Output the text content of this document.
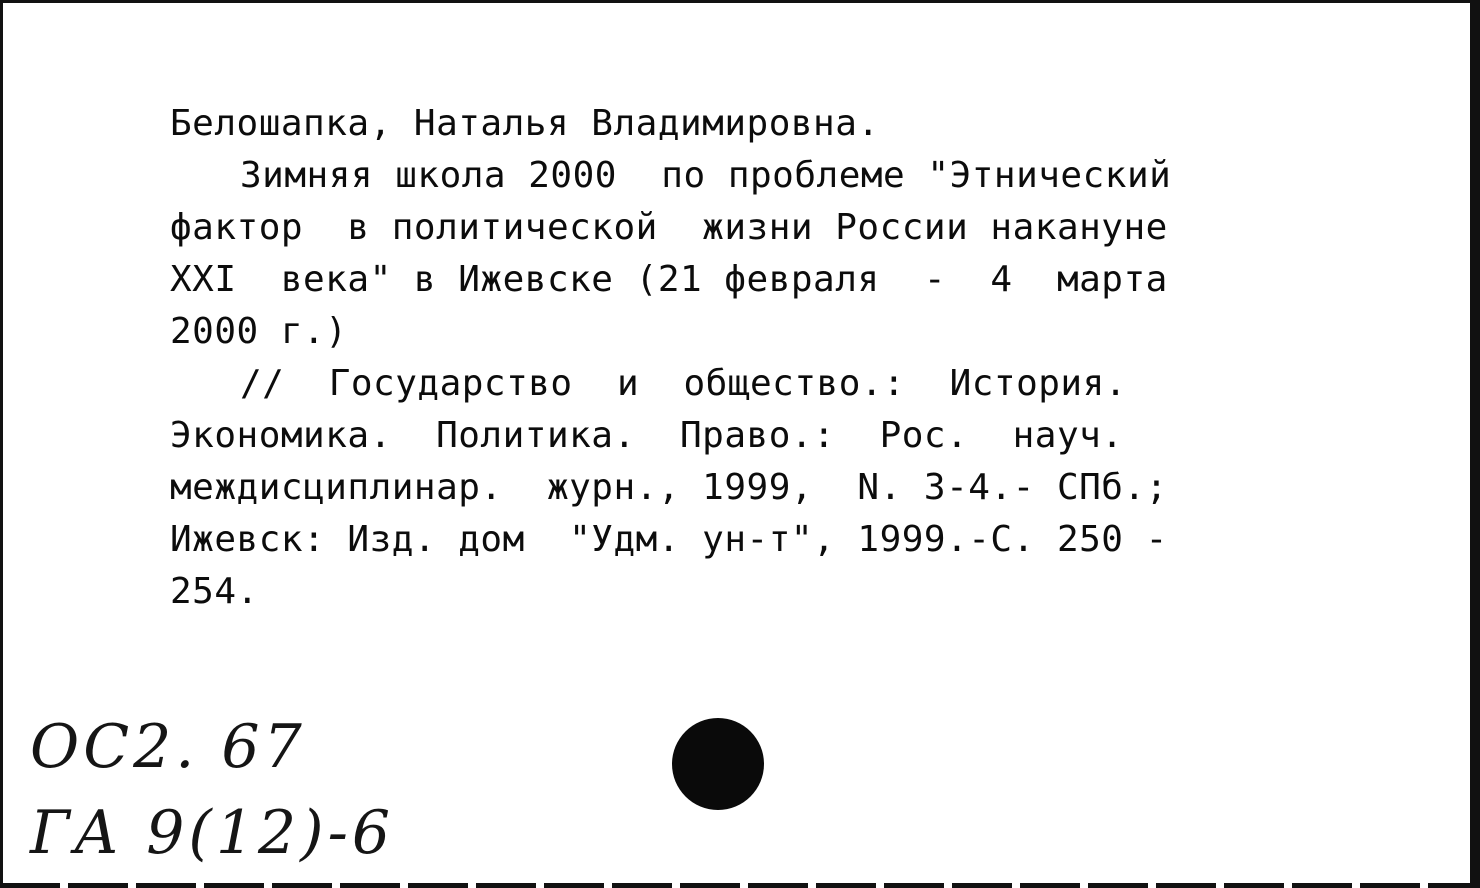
Белошапка, Наталья Владимировна.
Зимняя школа 2000  по проблеме "Этнический
фактор  в политической  жизни России накануне
XXI  века" в Ижевске (21 февраля  -  4  марта
2000 г.)
//  Государство  и  общество.:  История.
Экономика.  Политика.  Право.:  Рос.  науч.
междисциплинар.  журн., 1999,  N. 3-4.- СПб.;
Ижевск: Изд. дом  "Удм. ун-т", 1999.-С. 250 -
254.
ОС2. 67
ГА 9(12)-6
